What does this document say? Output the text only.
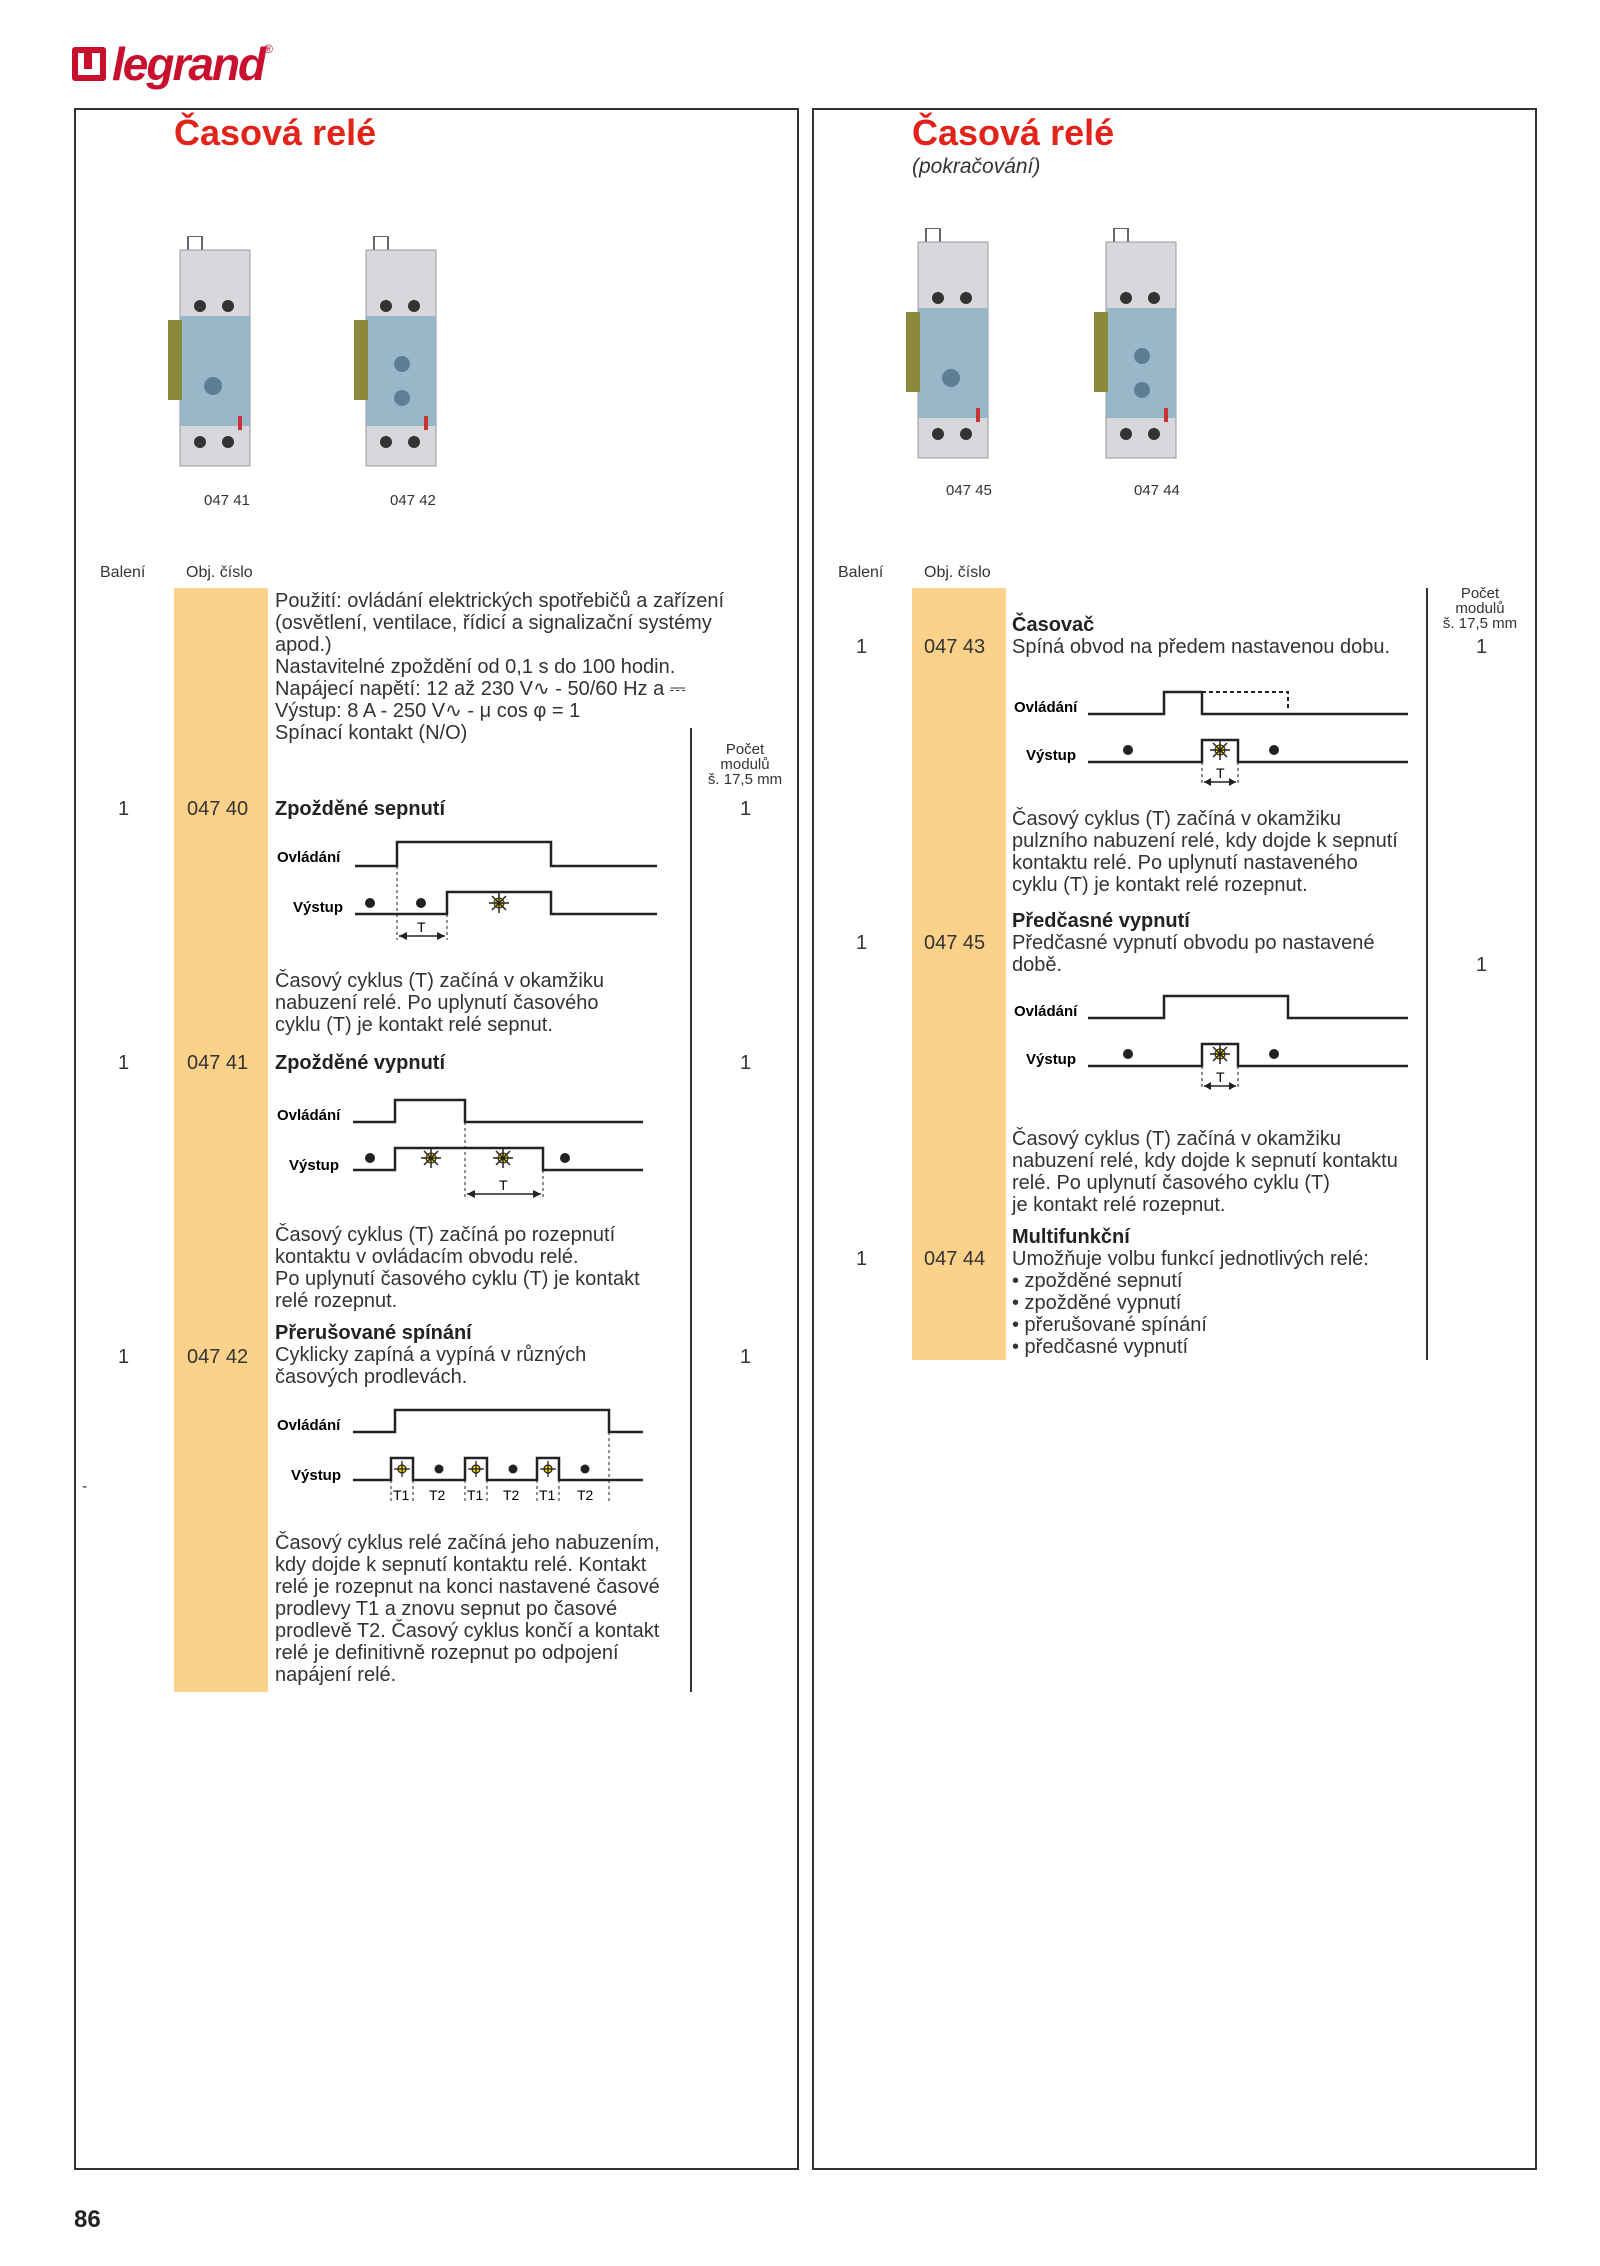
legrand ®
Časová relé
047 41	047 42
Balení	Obj. číslo
Použití: ovládání elektrických spotřebičů a zařízení
(osvětlení, ventilace, řídicí a signalizační systémy
apod.)
Nastavitelné zpoždění od 0,1 s do 100 hodin.
Napájecí napětí: 12 až 230 V∿ - 50/60 Hz a ⎓
Výstup: 8 A - 250 V∿ - μ cos φ = 1
Spínací kontakt (N/O)
Počet
modulů
š. 17,5 mm
1	047 40 Zpožděné sepnutí	1
Ovládání
Výstup
T
Časový cyklus (T) začíná v okamžiku
nabuzení relé. Po uplynutí časového
cyklu (T) je kontakt relé sepnut.
1	047 41 Zpožděné vypnutí	1
Ovládání
Výstup
T
Časový cyklus (T) začíná po rozepnutí
kontaktu v ovládacím obvodu relé.
Po uplynutí časového cyklu (T) je kontakt
relé rozepnut.
Přerušované spínání
1	047 42 Cyklicky zapíná a vypíná v různých
časových prodlevách.
1
Ovládání
Výstup
T1 T2 T1 T2 T1 T2
-
Časový cyklus relé začíná jeho nabuzením,
kdy dojde k sepnutí kontaktu relé. Kontakt
relé je rozepnut na konci nastavené časové
prodlevy T1 a znovu sepnut po časové
prodlevě T2. Časový cyklus končí a kontakt
relé je definitivně rozepnut po odpojení
napájení relé.
Časová relé
(pokračování)
047 45	047 44
Balení	Obj. číslo
Počet
modulů
š. 17,5 mm
Časovač
1	047 43 Spíná obvod na předem nastavenou dobu.	1
Ovládání
Výstup
T
Časový cyklus (T) začíná v okamžiku
pulzního nabuzení relé, kdy dojde k sepnutí
kontaktu relé. Po uplynutí nastaveného
cyklu (T) je kontakt relé rozepnut.
Předčasné vypnutí
1	047 45 Předčasné vypnutí obvodu po nastavené
době.	1
Ovládání
Výstup
T
Časový cyklus (T) začíná v okamžiku
nabuzení relé, kdy dojde k sepnutí kontaktu
relé. Po uplynutí časového cyklu (T)
je kontakt relé rozepnut.
Multifunkční
1	047 44 Umožňuje volbu funkcí jednotlivých relé:
• zpožděné sepnutí
• zpožděné vypnutí
• přerušované spínání
• předčasné vypnutí
86
